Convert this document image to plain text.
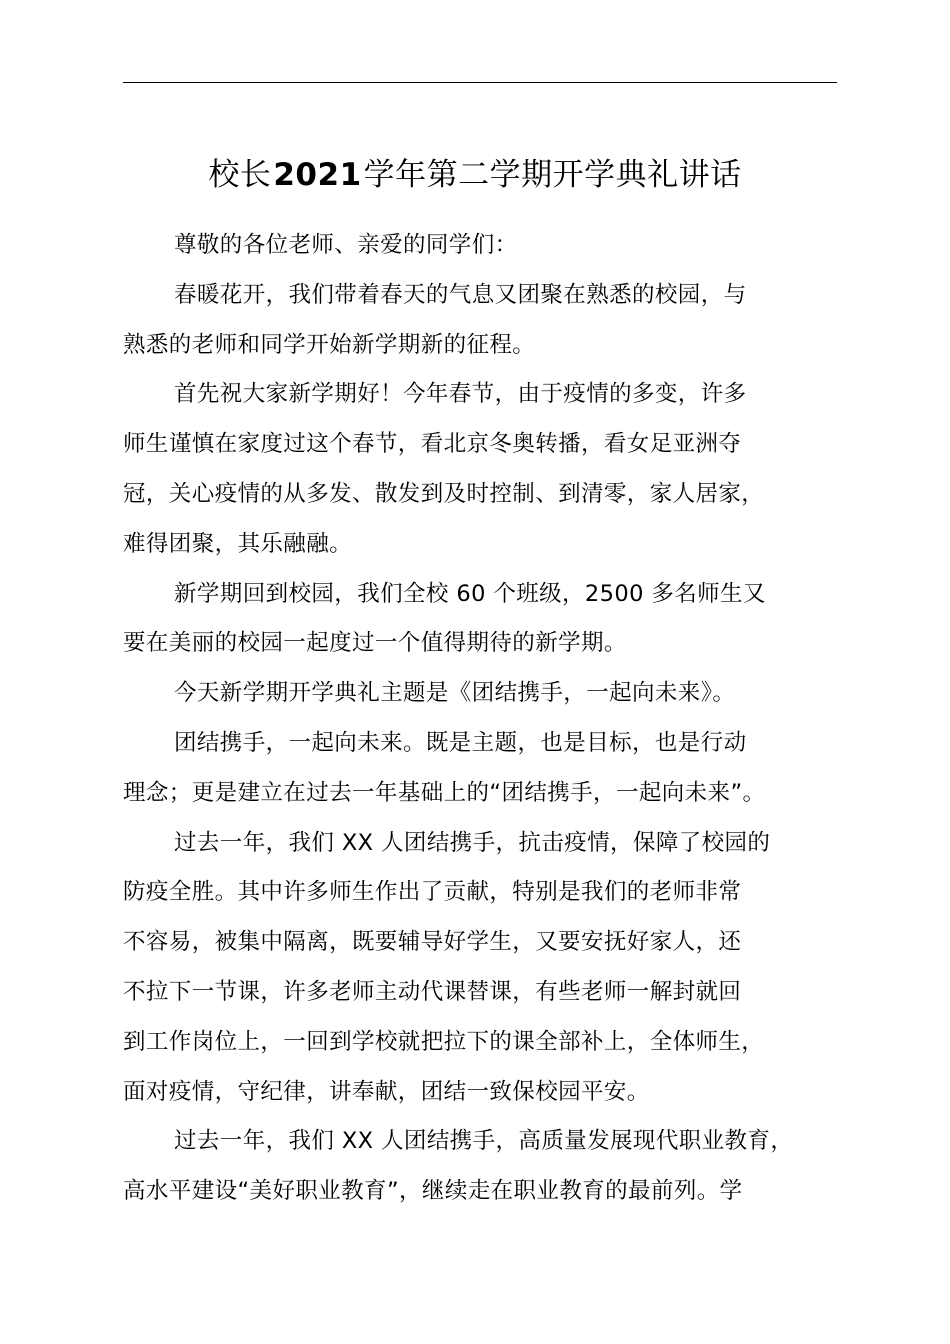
校长2021学年第二学期开学典礼讲话
尊敬的各位老师、亲爱的同学们：
春暖花开，我们带着春天的气息又团聚在熟悉的校园，与
熟悉的老师和同学开始新学期新的征程。
首先祝大家新学期好！今年春节，由于疫情的多变，许多
师生谨慎在家度过这个春节，看北京冬奥转播，看女足亚洲夺
冠，关心疫情的从多发、散发到及时控制、到清零，家人居家，
难得团聚，其乐融融。
新学期回到校园，我们全校 60 个班级，2500 多名师生又
要在美丽的校园一起度过一个值得期待的新学期。
今天新学期开学典礼主题是《团结携手，一起向未来》。
团结携手，一起向未来。既是主题，也是目标，也是行动
理念；更是建立在过去一年基础上的“团结携手，一起向未来”。
过去一年，我们 XX 人团结携手，抗击疫情，保障了校园的
防疫全胜。其中许多师生作出了贡献，特别是我们的老师非常
不容易，被集中隔离，既要辅导好学生，又要安抚好家人，还
不拉下一节课，许多老师主动代课替课，有些老师一解封就回
到工作岗位上，一回到学校就把拉下的课全部补上，全体师生，
面对疫情，守纪律，讲奉献，团结一致保校园平安。
过去一年，我们 XX 人团结携手，高质量发展现代职业教育，
高水平建设“美好职业教育”，继续走在职业教育的最前列。学
